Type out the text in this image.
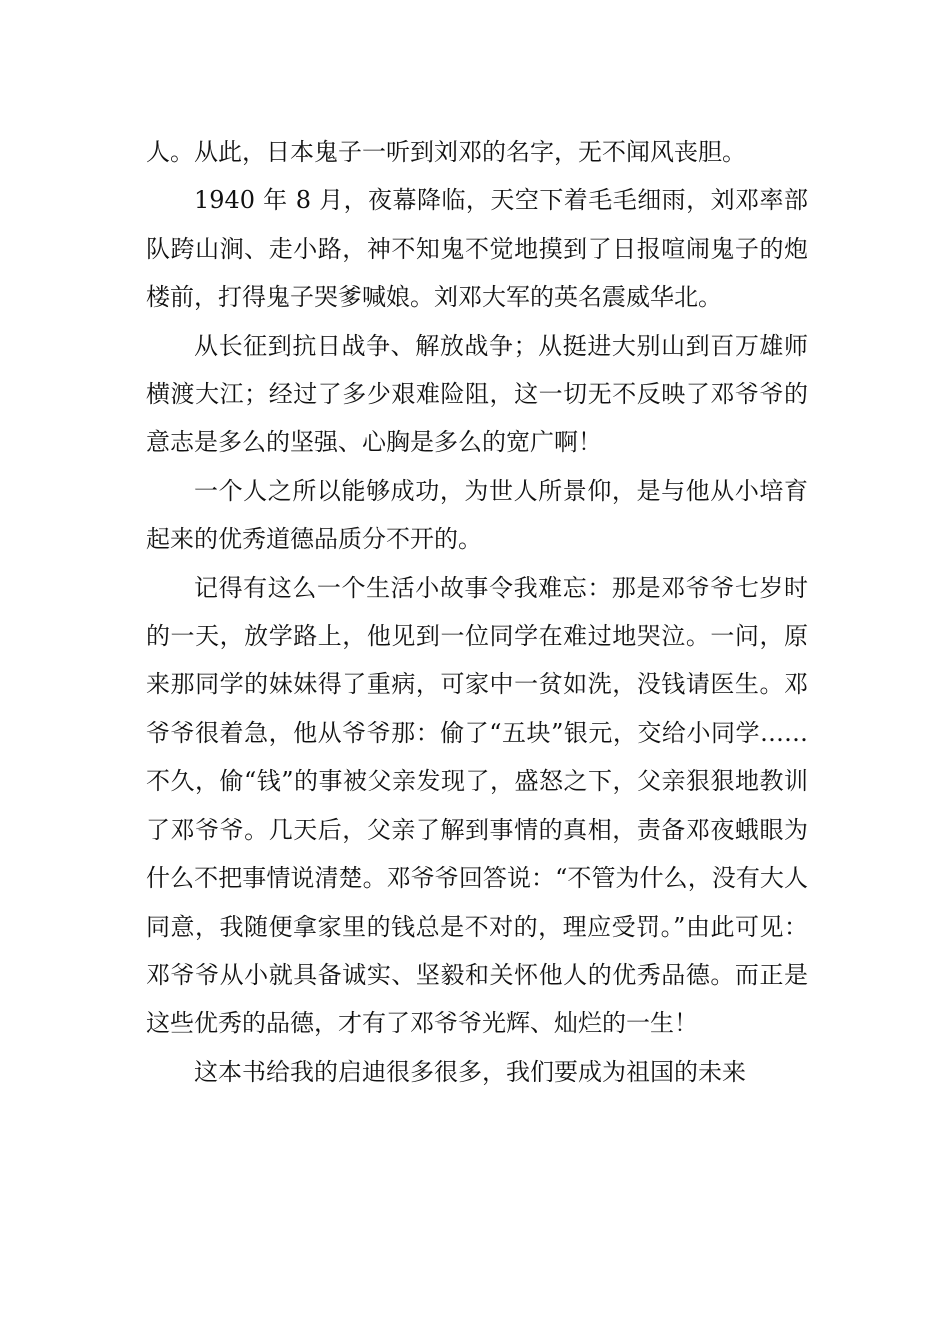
人。从此，日本鬼子一听到刘邓的名字，无不闻风丧胆。

1940 年 8 月，夜幕降临，天空下着毛毛细雨，刘邓率部队跨山涧、走小路，神不知鬼不觉地摸到了日报喧闹鬼子的炮楼前，打得鬼子哭爹喊娘。刘邓大军的英名震威华北。

从长征到抗日战争、解放战争；从挺进大别山到百万雄师横渡大江；经过了多少艰难险阻，这一切无不反映了邓爷爷的意志是多么的坚强、心胸是多么的宽广啊！

一个人之所以能够成功，为世人所景仰，是与他从小培育起来的优秀道德品质分不开的。

记得有这么一个生活小故事令我难忘：那是邓爷爷七岁时的一天，放学路上，他见到一位同学在难过地哭泣。一问，原来那同学的妹妹得了重病，可家中一贫如洗，没钱请医生。邓爷爷很着急，他从爷爷那：偷了“五块”银元，交给小同学……不久，偷“钱”的事被父亲发现了，盛怒之下，父亲狠狠地教训了邓爷爷。几天后，父亲了解到事情的真相，责备邓夜蛾眼为什么不把事情说清楚。邓爷爷回答说：“不管为什么，没有大人同意，我随便拿家里的钱总是不对的，理应受罚。”由此可见：邓爷爷从小就具备诚实、坚毅和关怀他人的优秀品德。而正是这些优秀的品德，才有了邓爷爷光辉、灿烂的一生！

这本书给我的启迪很多很多，我们要成为祖国的未来
